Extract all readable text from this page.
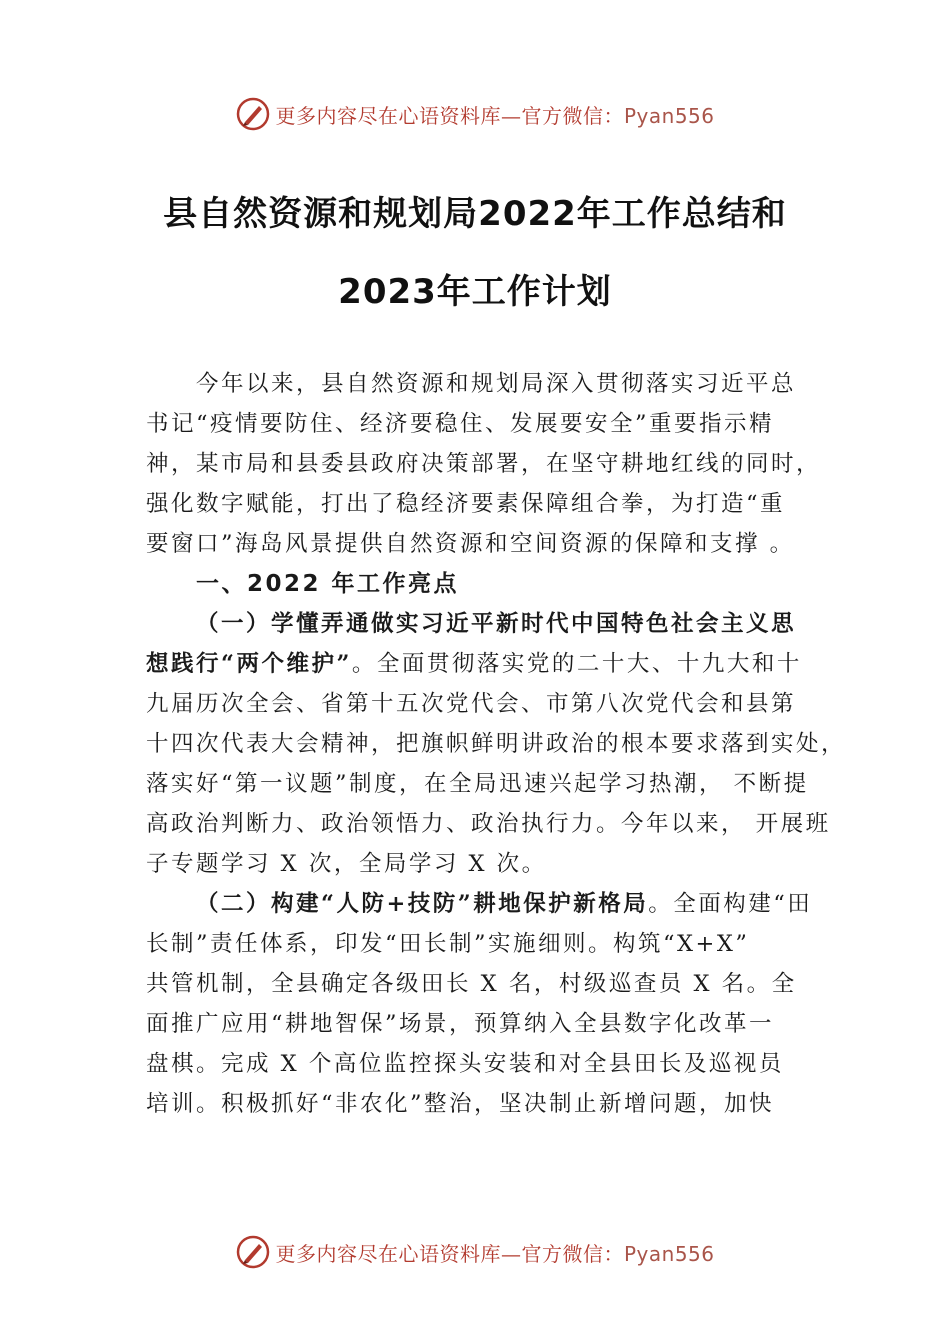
更多内容尽在心语资料库—官方微信：Pyan556
县自然资源和规划局2022年工作总结和
2023年工作计划
今年以来，县自然资源和规划局深入贯彻落实习近平总
书记“疫情要防住、经济要稳住、发展要安全”重要指示精
神，某市局和县委县政府决策部署，在坚守耕地红线的同时，
强化数字赋能，打出了稳经济要素保障组合拳，为打造“重
要窗口”海岛风景提供自然资源和空间资源的保障和支撑 。
一、2022 年工作亮点
（一）学懂弄通做实习近平新时代中国特色社会主义思
想践行“两个维护”。全面贯彻落实党的二十大、十九大和十
九届历次全会、省第十五次党代会、市第八次党代会和县第
十四次代表大会精神，把旗帜鲜明讲政治的根本要求落到实处，
落实好“第一议题”制度，在全局迅速兴起学习热潮， 不断提
高政治判断力、政治领悟力、政治执行力。今年以来， 开展班
子专题学习 X 次，全局学习 X 次。
（二）构建“人防+技防”耕地保护新格局。全面构建“田
长制”责任体系，印发“田长制”实施细则。构筑“X+X”
共管机制，全县确定各级田长 X 名，村级巡查员 X 名。全
面推广应用“耕地智保”场景，预算纳入全县数字化改革一
盘棋。完成 X 个高位监控探头安装和对全县田长及巡视员
培训。积极抓好“非农化”整治，坚决制止新增问题，加快
更多内容尽在心语资料库—官方微信：Pyan556
